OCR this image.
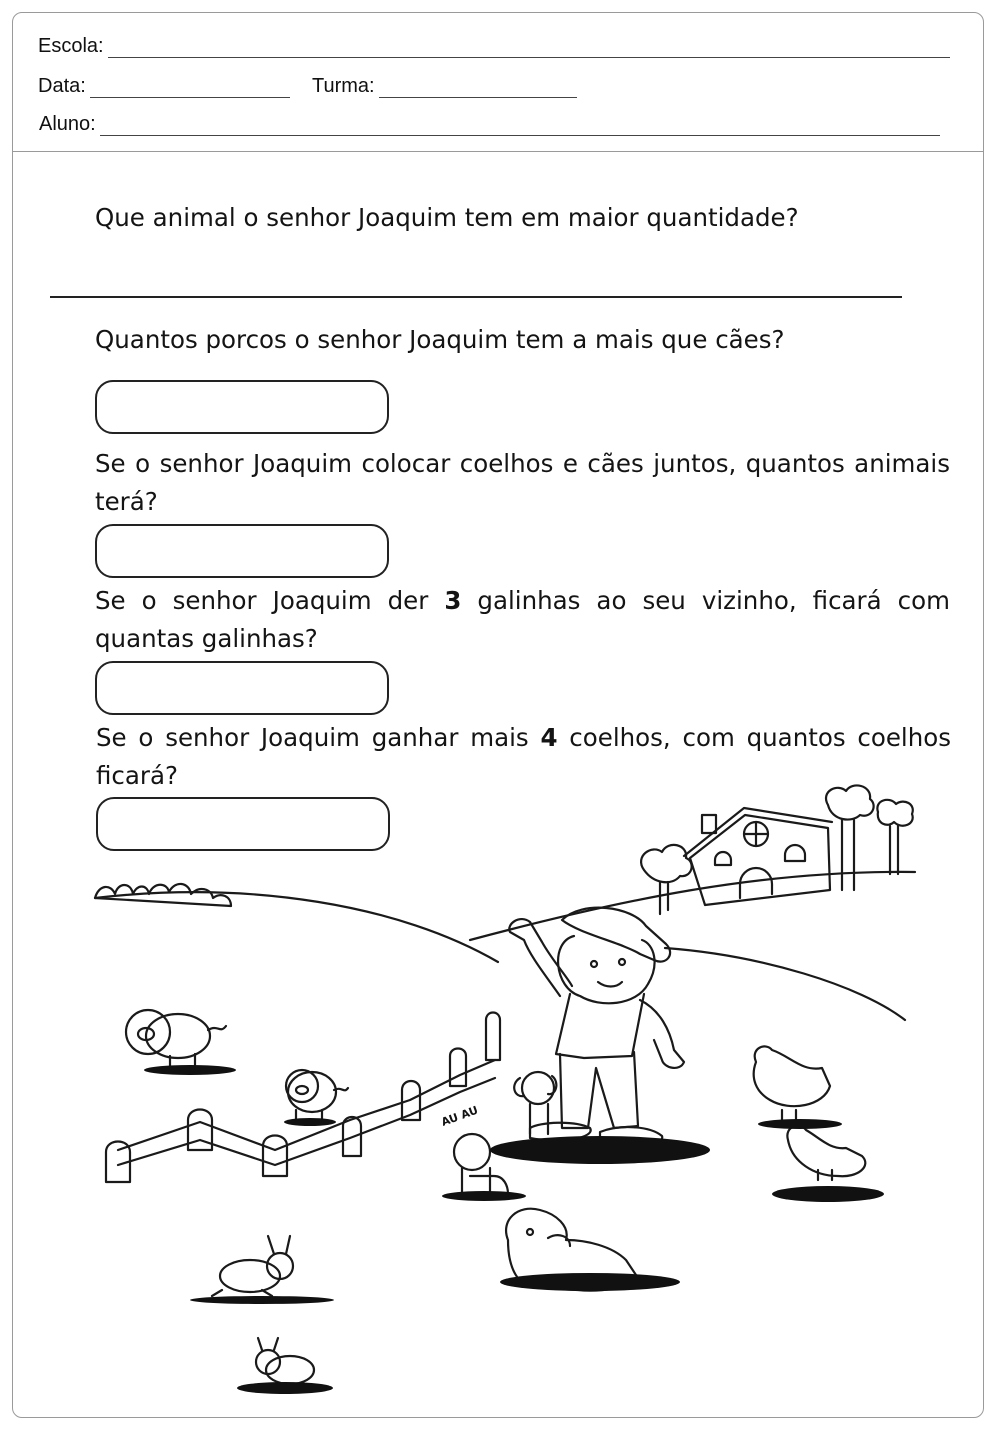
Escola:
Data:	Turma:
Aluno:
Que animal o senhor Joaquim tem em maior quantidade?
Quantos porcos o senhor Joaquim tem a mais que cães?
Se o senhor Joaquim colocar coelhos e cães juntos, quantos animais terá?
Se o senhor Joaquim der 3 galinhas ao seu vizinho, ficará com quantas galinhas?
Se o senhor Joaquim ganhar mais 4 coelhos, com quantos coelhos ficará?
AU AU
